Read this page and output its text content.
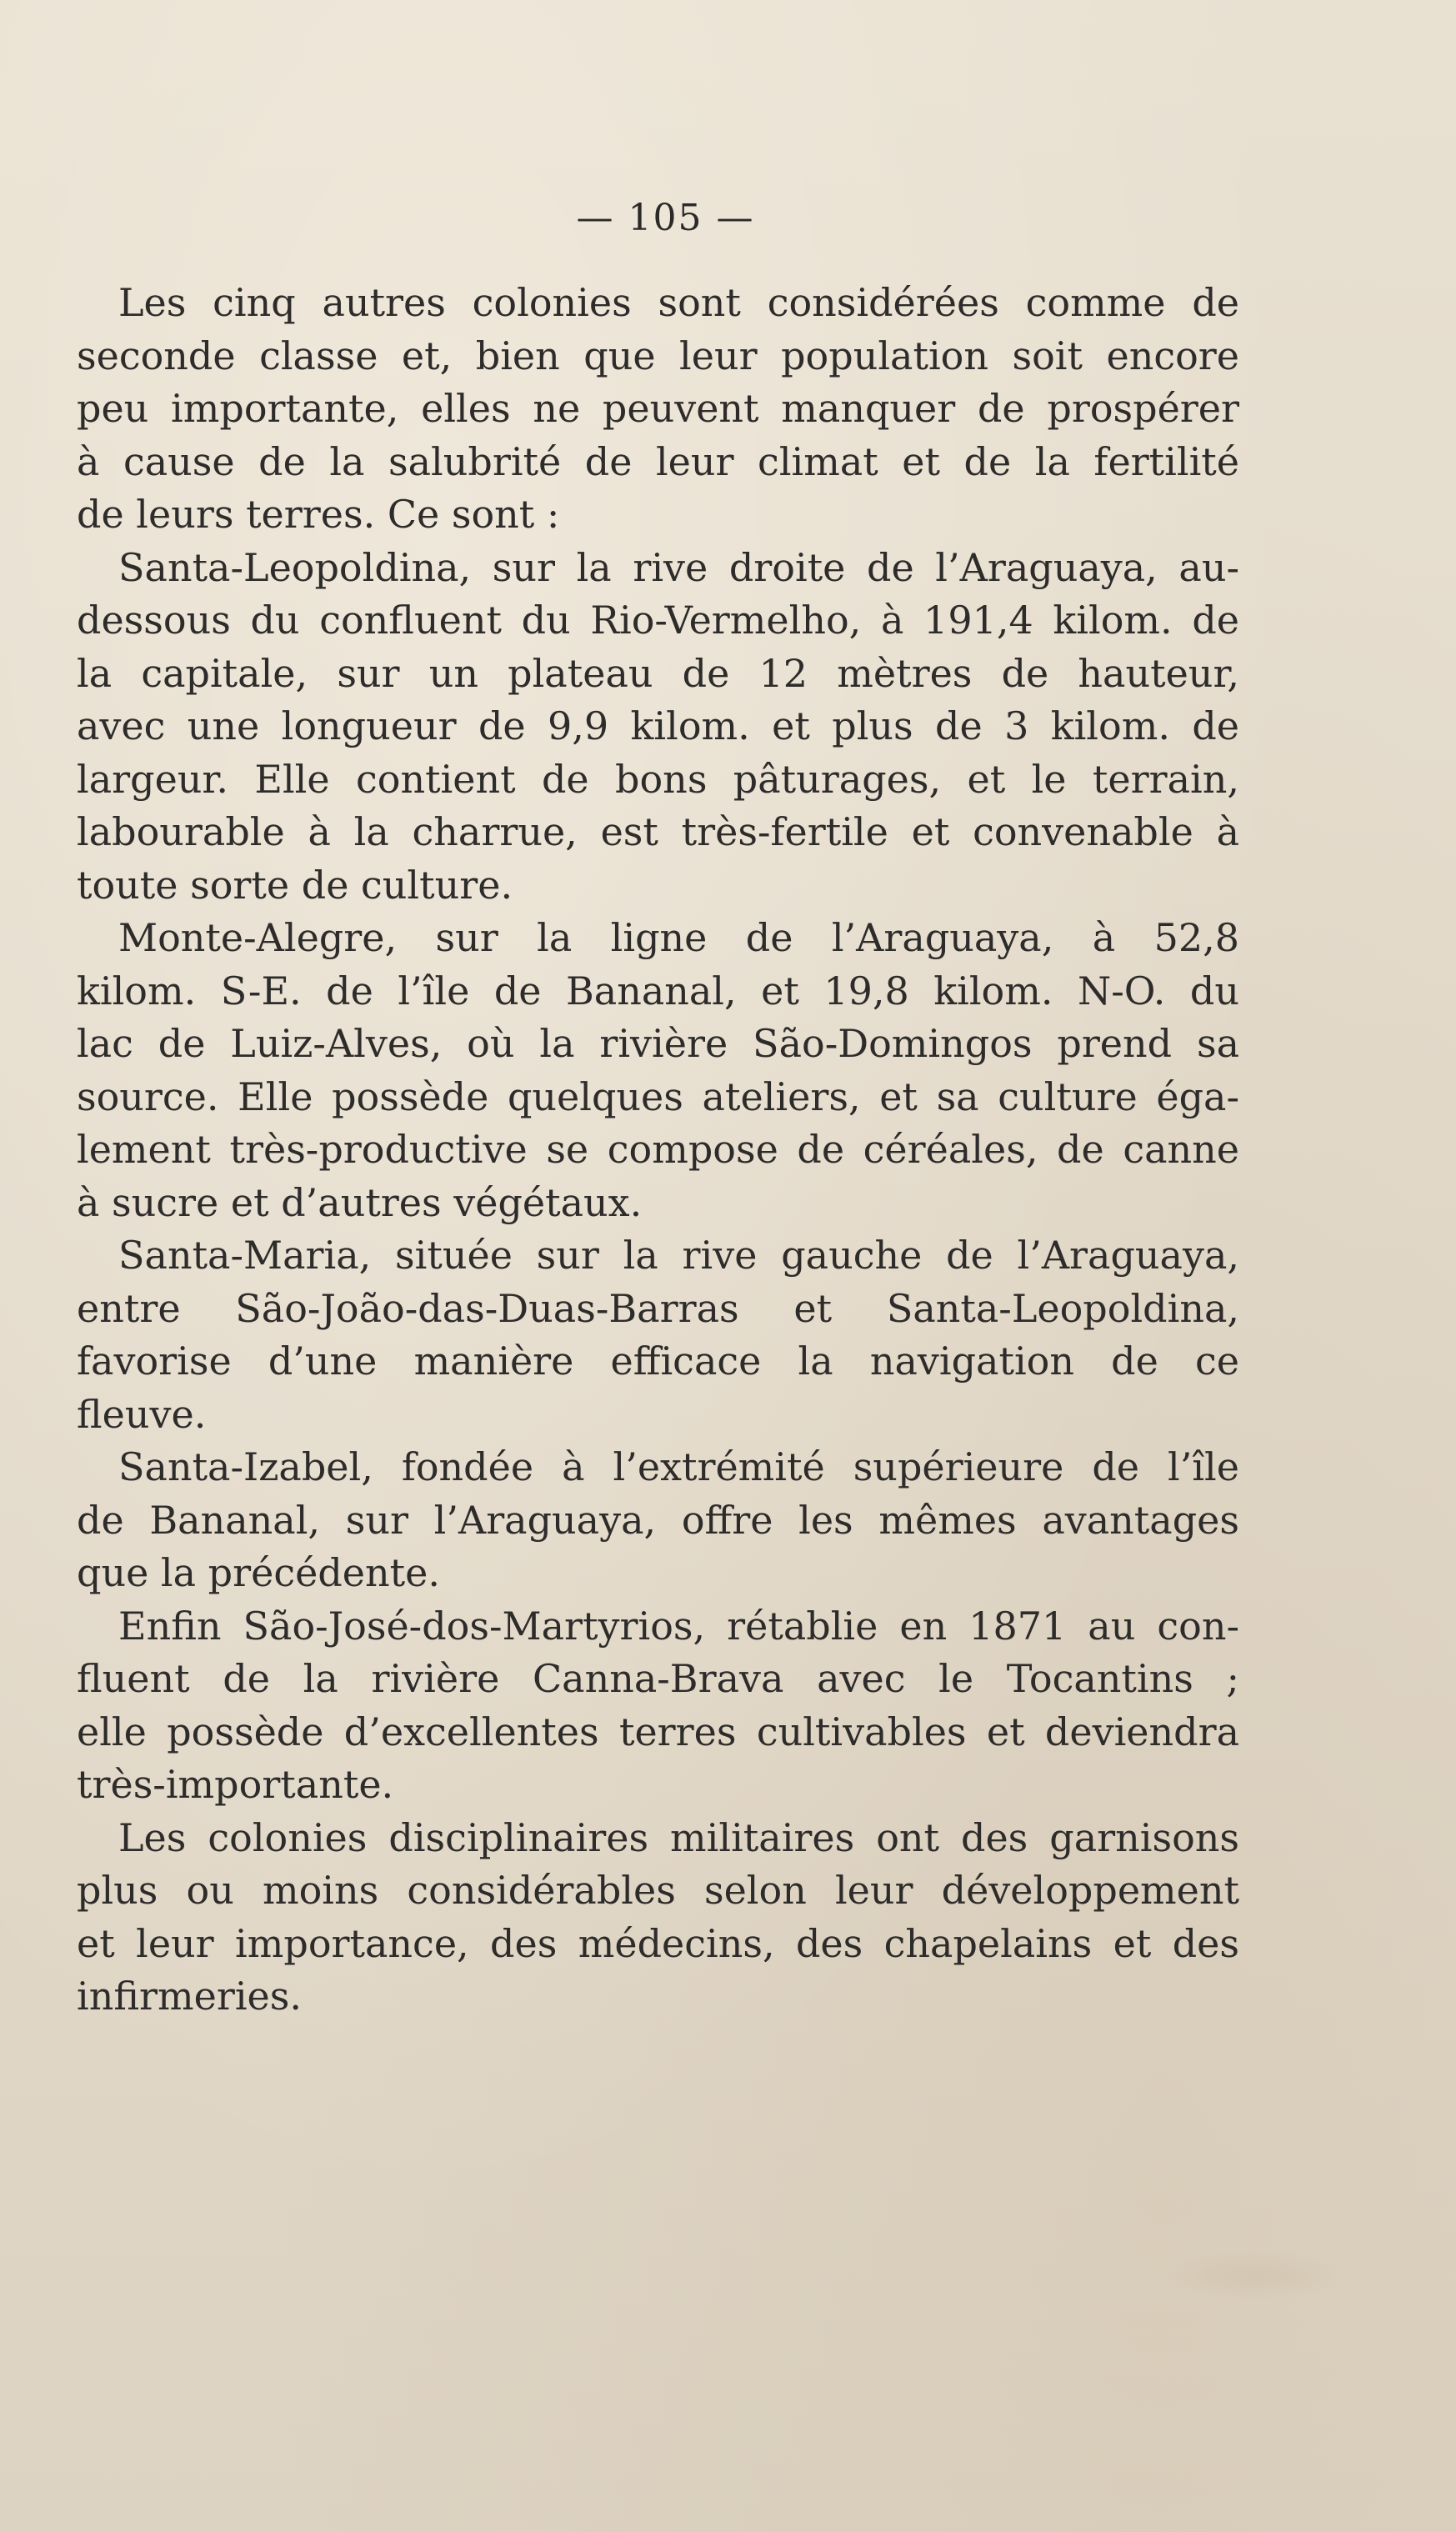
— 105 —
Les cinq autres colonies sont considérées comme de
seconde classe et, bien que leur population soit encore
peu importante, elles ne peuvent manquer de prospérer
à cause de la salubrité de leur climat et de la fertilité
de leurs terres. Ce sont :
Santa-Leopoldina, sur la rive droite de l’Araguaya, au-
dessous du confluent du Rio-Vermelho, à 191,4 kilom. de
la capitale, sur un plateau de 12 mètres de hauteur,
avec une longueur de 9,9 kilom. et plus de 3 kilom. de
largeur. Elle contient de bons pâturages, et le terrain,
labourable à la charrue, est très-fertile et convenable à
toute sorte de culture.
Monte-Alegre, sur la ligne de l’Araguaya, à 52,8
kilom. S-E. de l’île de Bananal, et 19,8 kilom. N-O. du
lac de Luiz-Alves, où la rivière São-Domingos prend sa
source. Elle possède quelques ateliers, et sa culture éga-
lement très-productive se compose de céréales, de canne
à sucre et d’autres végétaux.
Santa-Maria, située sur la rive gauche de l’Araguaya,
entre São-João-das-Duas-Barras et Santa-Leopoldina,
favorise d’une manière efficace la navigation de ce
fleuve.
Santa-Izabel, fondée à l’extrémité supérieure de l’île
de Bananal, sur l’Araguaya, offre les mêmes avantages
que la précédente.
Enfin São-José-dos-Martyrios, rétablie en 1871 au con-
fluent de la rivière Canna-Brava avec le Tocantins ;
elle possède d’excellentes terres cultivables et deviendra
très-importante.
Les colonies disciplinaires militaires ont des garnisons
plus ou moins considérables selon leur développement
et leur importance, des médecins, des chapelains et des
infirmeries.
